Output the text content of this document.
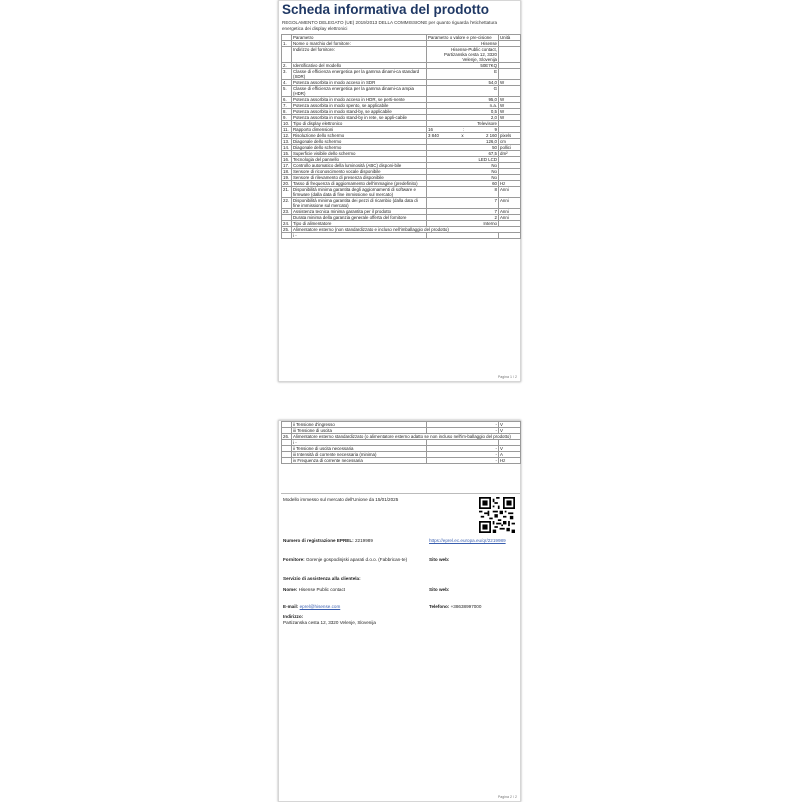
Scheda informativa del prodotto
REGOLAMENTO DELEGATO (UE) 2019/2013 DELLA COMMISSIONE per quanto riguarda l'etichettatura energetica dei display elettronici
	Parametro	Parametro o valore e pre-cisione	Unità
1.	Nome o marchio del fornitore:	Hisense	
	Indirizzo del fornitore:	Hisense-Public contact, Partizanska cesta 12, 3320 Velenje, Slovenija	
2.	Identificativo del modello	50E7KQ	
3.	Classe di efficienza energetica per la gamma dinami-ca standard (SDR)	E	
4.	Potenza assorbita in modo acceso in SDR	54,0	W
5.	Classe di efficienza energetica per la gamma dinami-ca ampia (HDR)	G	
6.	Potenza assorbita in modo acceso in HDR, se perti-nente	95,0	W
7.	Potenza assorbita in modo spento, se applicabile	n.a.	W
8.	Potenza assorbita in modo stand-by, se applicabile	0,5	W
9.	Potenza assorbita in modo stand-by in rete, se appli-cabile	2,0	W
10.	Tipo di display elettronico	Televisore	
11.	Rapporto dimensioni	16 : 9	

12.	Risoluzione dello schermo	3 840 x 2 160	pixels
13.	Diagonale dello schermo	126,0	cm
14.	Diagonale dello schermo	50	pollici
15.	Superficie visibile dello schermo	67,5	dm²
16.	Tecnologia del pannello	LED LCD	
17.	Controllo automatico della luminosità (ABC) disponi-bile	No	
18.	Sensore di riconoscimento vocale disponibile	No	
19.	Sensore di rilevamento di presenza disponibile	No	
20.	Tasso di frequenza di aggiornamento dell'immagine (predefinito)	60	Hz
21.	Disponibilità minima garantita degli aggiornamenti di software e firmware (dalla data di fine immissione sul mercato)	8	Anni
22.	Disponibilità minima garantita dei pezzi di ricambio (dalla data di fine immissione sul mercato)	7	Anni
23.	Assistenza tecnica minima garantita per il prodotto	7	Anni
	Durata minima della garanzia generale offerta del fornitore	2	Anni
24.	Tipo di alimentatore	Interno	
25.	Alimentatore esterno (non standardizzato e incluso nell'imballaggio del prodotto)		
	i -		
Pagina 1 / 2
	ii Tensione d'ingresso	-	V
	iii Tensione di uscita	-	V
26.	Alimentatore esterno standardizzato (o alimentatore esterno adatto se non incluso nell'im-ballaggio del prodotto)		
	i -		
	ii Tensione di uscita necessaria	-	V
	iii Intensità di corrente necessaria (minima)	-	A
	iv Frequenza di corrente necessaria	-	Hz
Modello immesso sul mercato dell'Unione da 15/01/2025
Numero di registrazione EPREL: 2219989	https://eprel.ec.europa.eu/qr/2219989
Fornitore: Gorenje gospodinjski aparati d.o.o. (Fabbrican-te)	Sito web:
Servizio di assistenza alla clientela:
Nome: Hisense Public contact	Sito web:
E-mail: eprel@hisense.com	Telefono: +38638997000
Indirizzo:
Partizanska cesta 12, 3320 Velenje, Slovenija
Pagina 2 / 2
